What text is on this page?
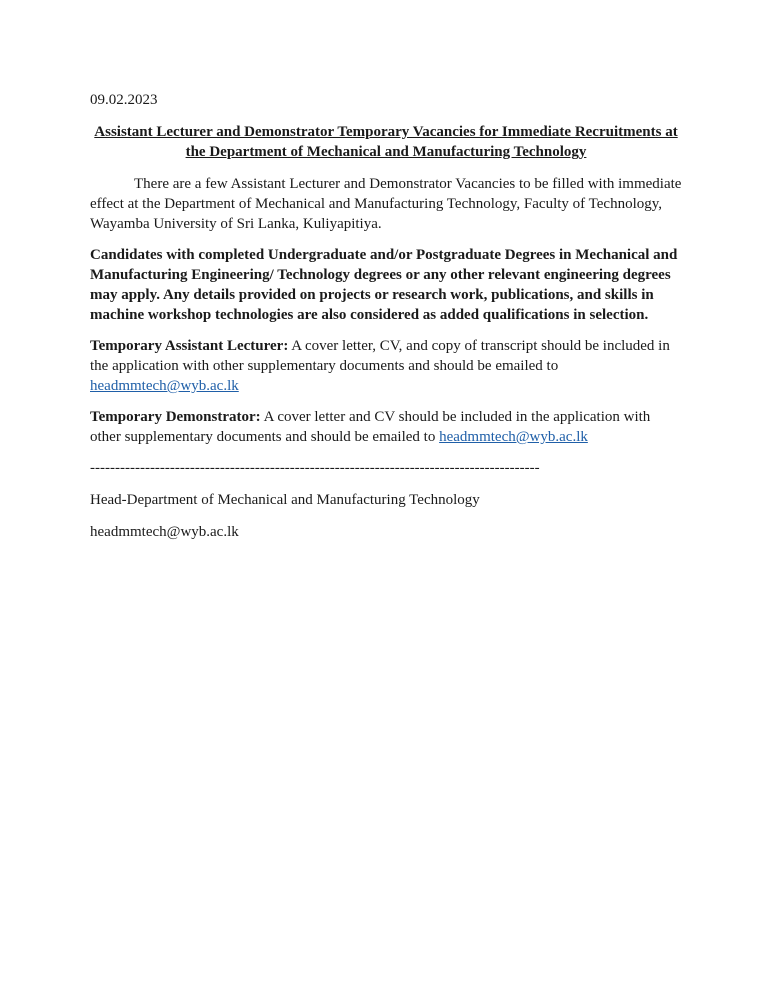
09.02.2023

Assistant Lecturer and Demonstrator Temporary Vacancies for Immediate Recruitments at the Department of Mechanical and Manufacturing Technology

There are a few Assistant Lecturer and Demonstrator Vacancies to be filled with immediate effect at the Department of Mechanical and Manufacturing Technology, Faculty of Technology, Wayamba University of Sri Lanka, Kuliyapitiya.

Candidates with completed Undergraduate and/or Postgraduate Degrees in Mechanical and Manufacturing Engineering/ Technology degrees or any other relevant engineering degrees may apply. Any details provided on projects or research work, publications, and skills in machine workshop technologies are also considered as added qualifications in selection.

Temporary Assistant Lecturer: A cover letter, CV, and copy of transcript should be included in the application with other supplementary documents and should be emailed to headmmtech@wyb.ac.lk

Temporary Demonstrator: A cover letter and CV should be included in the application with other supplementary documents and should be emailed to headmmtech@wyb.ac.lk

------------------------------------------------------------------------------------------

Head-Department of Mechanical and Manufacturing Technology

headmmtech@wyb.ac.lk
